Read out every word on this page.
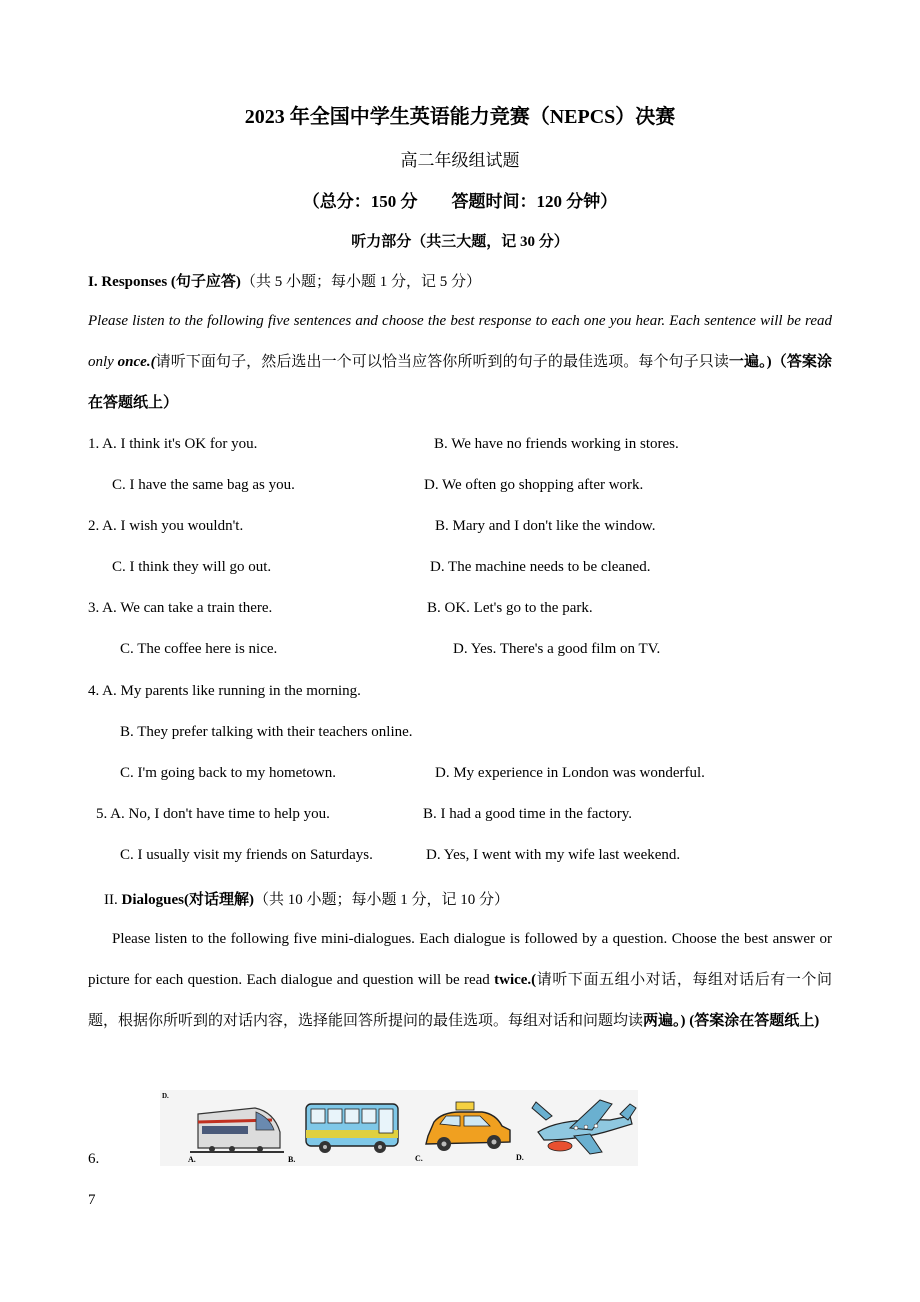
2023 年全国中学生英语能力竞赛（NEPCS）决赛
高二年级组试题
（总分：150 分　　答题时间：120 分钟）
听力部分（共三大题，记 30 分）
I. Responses (句子应答)（共 5 小题；每小题 1 分，记 5 分）
Please listen to the following five sentences and choose the best response to each one you hear. Each sentence will be read only once.(请听下面句子，然后选出一个可以恰当应答你所听到的句子的最佳选项。每个句子只读一遍。)（答案涂在答题纸上）
1. A. I think it's OK for you.	B. We have no friends working in stores.
C. I have the same bag as you.	D. We often go shopping after work.
2. A. I wish you wouldn't.	B. Mary and I don't like the window.
C. I think they will go out.	D. The machine needs to be cleaned.
3. A. We can take a train there.	B. OK. Let's go to the park.
C. The coffee here is nice.	D. Yes. There's a good film on TV.
4. A. My parents like running in the morning.
B. They prefer talking with their teachers online.
C. I'm going back to my hometown.	D. My experience in London was wonderful.
5. A. No, I don't have time to help you.	B. I had a good time in the factory.
C. I usually visit my friends on Saturdays.	D. Yes, I went with my wife last weekend.
II. Dialogues(对话理解)（共 10 小题；每小题 1 分，记 10 分）
Please listen to the following five mini-dialogues. Each dialogue is followed by a question. Choose the best answer or picture for each question. Each dialogue and question will be read twice.(请听下面五组小对话，每组对话后有一个问题，根据你所听到的对话内容，选择能回答所提问的最佳选项。每组对话和问题均读两遍。) (答案涂在答题纸上)
D.
A.	B.	C.	D.
6.
7
